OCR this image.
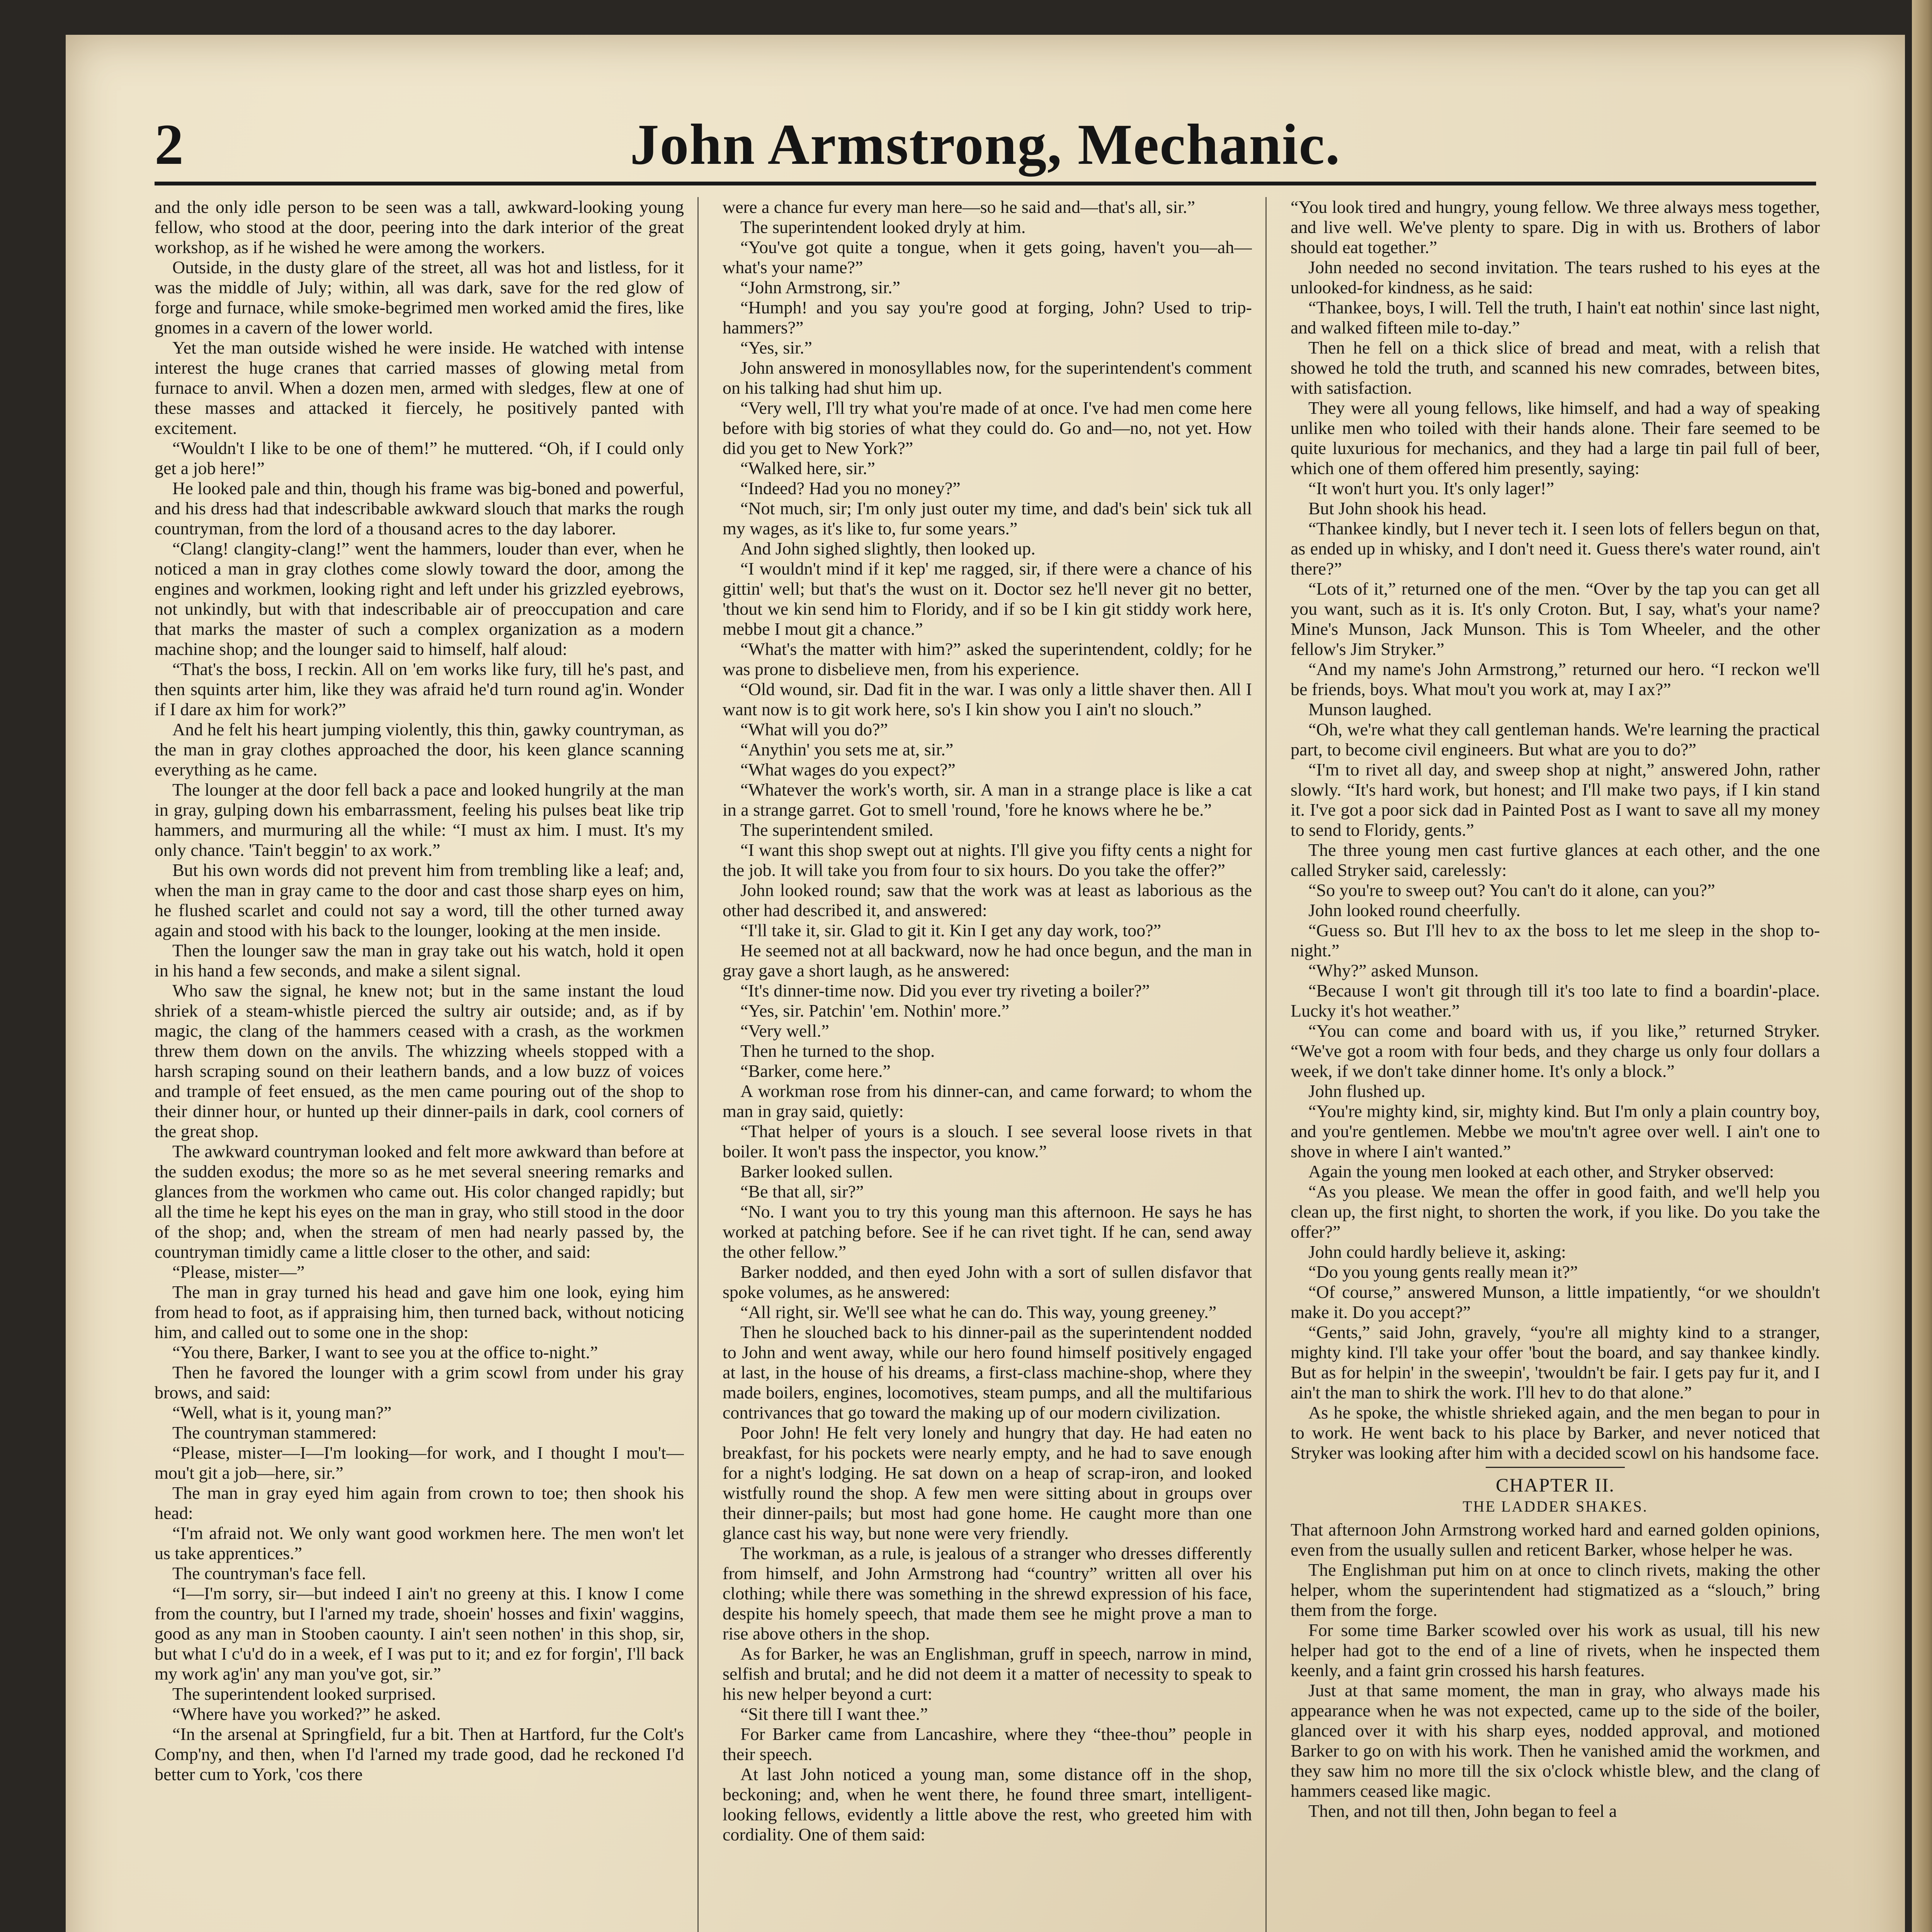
2	John Armstrong, Mechanic.

and the only idle person to be seen was a tall, awkward-looking young fellow, who stood at the door, peering into the dark interior of the great workshop, as if he wished he were among the workers.

Outside, in the dusty glare of the street, all was hot and listless, for it was the middle of July; within, all was dark, save for the red glow of forge and furnace, while smoke-begrimed men worked amid the fires, like gnomes in a cavern of the lower world.

Yet the man outside wished he were inside. He watched with intense interest the huge cranes that carried masses of glowing metal from furnace to anvil. When a dozen men, armed with sledges, flew at one of these masses and attacked it fiercely, he positively panted with excitement.

“Wouldn't I like to be one of them!” he muttered. “Oh, if I could only get a job here!”

He looked pale and thin, though his frame was big-boned and powerful, and his dress had that indescribable awkward slouch that marks the rough countryman, from the lord of a thousand acres to the day laborer.

“Clang! clangity-clang!” went the hammers, louder than ever, when he noticed a man in gray clothes come slowly toward the door, among the engines and workmen, looking right and left under his grizzled eyebrows, not unkindly, but with that indescribable air of preoccupation and care that marks the master of such a complex organization as a modern machine shop; and the lounger said to himself, half aloud:

“That's the boss, I reckin. All on 'em works like fury, till he's past, and then squints arter him, like they was afraid he'd turn round ag'in. Wonder if I dare ax him for work?”

And he felt his heart jumping violently, this thin, gawky countryman, as the man in gray clothes approached the door, his keen glance scanning everything as he came.

The lounger at the door fell back a pace and looked hungrily at the man in gray, gulping down his embarrassment, feeling his pulses beat like trip hammers, and murmuring all the while: “I must ax him. I must. It's my only chance. 'Tain't beggin' to ax work.”

But his own words did not prevent him from trembling like a leaf; and, when the man in gray came to the door and cast those sharp eyes on him, he flushed scarlet and could not say a word, till the other turned away again and stood with his back to the lounger, looking at the men inside.

Then the lounger saw the man in gray take out his watch, hold it open in his hand a few seconds, and make a silent signal.

Who saw the signal, he knew not; but in the same instant the loud shriek of a steam-whistle pierced the sultry air outside; and, as if by magic, the clang of the hammers ceased with a crash, as the workmen threw them down on the anvils. The whizzing wheels stopped with a harsh scraping sound on their leathern bands, and a low buzz of voices and trample of feet ensued, as the men came pouring out of the shop to their dinner hour, or hunted up their dinner-pails in dark, cool corners of the great shop.

The awkward countryman looked and felt more awkward than before at the sudden exodus; the more so as he met several sneering remarks and glances from the workmen who came out. His color changed rapidly; but all the time he kept his eyes on the man in gray, who still stood in the door of the shop; and, when the stream of men had nearly passed by, the countryman timidly came a little closer to the other, and said:

“Please, mister—”

The man in gray turned his head and gave him one look, eying him from head to foot, as if appraising him, then turned back, without noticing him, and called out to some one in the shop:

“You there, Barker, I want to see you at the office to-night.”

Then he favored the lounger with a grim scowl from under his gray brows, and said:

“Well, what is it, young man?”

The countryman stammered:

“Please, mister—I—I'm looking—for work, and I thought I mou't—mou't git a job—here, sir.”

The man in gray eyed him again from crown to toe; then shook his head:

“I'm afraid not. We only want good workmen here. The men won't let us take apprentices.”

The countryman's face fell.

“I—I'm sorry, sir—but indeed I ain't no greeny at this. I know I come from the country, but I l'arned my trade, shoein' hosses and fixin' waggins, good as any man in Stooben caounty. I ain't seen nothen' in this shop, sir, but what I c'u'd do in a week, ef I was put to it; and ez for forgin', I'll back my work ag'in' any man you've got, sir.”

The superintendent looked surprised.

“Where have you worked?” he asked.

“In the arsenal at Springfield, fur a bit. Then at Hartford, fur the Colt's Comp'ny, and then, when I'd l'arned my trade good, dad he reckoned I'd better cum to York, 'cos there

were a chance fur every man here—so he said and—that's all, sir.”

The superintendent looked dryly at him.

“You've got quite a tongue, when it gets going, haven't you—ah—what's your name?”

“John Armstrong, sir.”

“Humph! and you say you're good at forging, John? Used to trip-hammers?”

“Yes, sir.”

John answered in monosyllables now, for the superintendent's comment on his talking had shut him up.

“Very well, I'll try what you're made of at once. I've had men come here before with big stories of what they could do. Go and—no, not yet. How did you get to New York?”

“Walked here, sir.”

“Indeed? Had you no money?”

“Not much, sir; I'm only just outer my time, and dad's bein' sick tuk all my wages, as it's like to, fur some years.”

And John sighed slightly, then looked up.

“I wouldn't mind if it kep' me ragged, sir, if there were a chance of his gittin' well; but that's the wust on it. Doctor sez he'll never git no better, 'thout we kin send him to Floridy, and if so be I kin git stiddy work here, mebbe I mout git a chance.”

“What's the matter with him?” asked the superintendent, coldly; for he was prone to disbelieve men, from his experience.

“Old wound, sir. Dad fit in the war. I was only a little shaver then. All I want now is to git work here, so's I kin show you I ain't no slouch.”

“What will you do?”

“Anythin' you sets me at, sir.”

“What wages do you expect?”

“Whatever the work's worth, sir. A man in a strange place is like a cat in a strange garret. Got to smell 'round, 'fore he knows where he be.”

The superintendent smiled.

“I want this shop swept out at nights. I'll give you fifty cents a night for the job. It will take you from four to six hours. Do you take the offer?”

John looked round; saw that the work was at least as laborious as the other had described it, and answered:

“I'll take it, sir. Glad to git it. Kin I get any day work, too?”

He seemed not at all backward, now he had once begun, and the man in gray gave a short laugh, as he answered:

“It's dinner-time now. Did you ever try riveting a boiler?”

“Yes, sir. Patchin' 'em. Nothin' more.”

“Very well.”

Then he turned to the shop.

“Barker, come here.”

A workman rose from his dinner-can, and came forward; to whom the man in gray said, quietly:

“That helper of yours is a slouch. I see several loose rivets in that boiler. It won't pass the inspector, you know.”

Barker looked sullen.

“Be that all, sir?”

“No. I want you to try this young man this afternoon. He says he has worked at patching before. See if he can rivet tight. If he can, send away the other fellow.”

Barker nodded, and then eyed John with a sort of sullen disfavor that spoke volumes, as he answered:

“All right, sir. We'll see what he can do. This way, young greeney.”

Then he slouched back to his dinner-pail as the superintendent nodded to John and went away, while our hero found himself positively engaged at last, in the house of his dreams, a first-class machine-shop, where they made boilers, engines, locomotives, steam pumps, and all the multifarious contrivances that go toward the making up of our modern civilization.

Poor John! He felt very lonely and hungry that day. He had eaten no breakfast, for his pockets were nearly empty, and he had to save enough for a night's lodging. He sat down on a heap of scrap-iron, and looked wistfully round the shop. A few men were sitting about in groups over their dinner-pails; but most had gone home. He caught more than one glance cast his way, but none were very friendly.

The workman, as a rule, is jealous of a stranger who dresses differently from himself, and John Armstrong had “country” written all over his clothing; while there was something in the shrewd expression of his face, despite his homely speech, that made them see he might prove a man to rise above others in the shop.

As for Barker, he was an Englishman, gruff in speech, narrow in mind, selfish and brutal; and he did not deem it a matter of necessity to speak to his new helper beyond a curt:

“Sit there till I want thee.”

For Barker came from Lancashire, where they “thee-thou” people in their speech.

At last John noticed a young man, some distance off in the shop, beckoning; and, when he went there, he found three smart, intelligent-looking fellows, evidently a little above the rest, who greeted him with cordiality. One of them said:

“You look tired and hungry, young fellow. We three always mess together, and live well. We've plenty to spare. Dig in with us. Brothers of labor should eat together.”

John needed no second invitation. The tears rushed to his eyes at the unlooked-for kindness, as he said:

“Thankee, boys, I will. Tell the truth, I hain't eat nothin' since last night, and walked fifteen mile to-day.”

Then he fell on a thick slice of bread and meat, with a relish that showed he told the truth, and scanned his new comrades, between bites, with satisfaction.

They were all young fellows, like himself, and had a way of speaking unlike men who toiled with their hands alone. Their fare seemed to be quite luxurious for mechanics, and they had a large tin pail full of beer, which one of them offered him presently, saying:

“It won't hurt you. It's only lager!”

But John shook his head.

“Thankee kindly, but I never tech it. I seen lots of fellers begun on that, as ended up in whisky, and I don't need it. Guess there's water round, ain't there?”

“Lots of it,” returned one of the men. “Over by the tap you can get all you want, such as it is. It's only Croton. But, I say, what's your name? Mine's Munson, Jack Munson. This is Tom Wheeler, and the other fellow's Jim Stryker.”

“And my name's John Armstrong,” returned our hero. “I reckon we'll be friends, boys. What mou't you work at, may I ax?”

Munson laughed.

“Oh, we're what they call gentleman hands. We're learning the practical part, to become civil engineers. But what are you to do?”

“I'm to rivet all day, and sweep shop at night,” answered John, rather slowly. “It's hard work, but honest; and I'll make two pays, if I kin stand it. I've got a poor sick dad in Painted Post as I want to save all my money to send to Floridy, gents.”

The three young men cast furtive glances at each other, and the one called Stryker said, carelessly:

“So you're to sweep out? You can't do it alone, can you?”

John looked round cheerfully.

“Guess so. But I'll hev to ax the boss to let me sleep in the shop to-night.”

“Why?” asked Munson.

“Because I won't git through till it's too late to find a boardin'-place. Lucky it's hot weather.”

“You can come and board with us, if you like,” returned Stryker. “We've got a room with four beds, and they charge us only four dollars a week, if we don't take dinner home. It's only a block.”

John flushed up.

“You're mighty kind, sir, mighty kind. But I'm only a plain country boy, and you're gentlemen. Mebbe we mou'tn't agree over well. I ain't one to shove in where I ain't wanted.”

Again the young men looked at each other, and Stryker observed:

“As you please. We mean the offer in good faith, and we'll help you clean up, the first night, to shorten the work, if you like. Do you take the offer?”

John could hardly believe it, asking:

“Do you young gents really mean it?”

“Of course,” answered Munson, a little impatiently, “or we shouldn't make it. Do you accept?”

“Gents,” said John, gravely, “you're all mighty kind to a stranger, mighty kind. I'll take your offer 'bout the board, and say thankee kindly. But as for helpin' in the sweepin', 'twouldn't be fair. I gets pay fur it, and I ain't the man to shirk the work. I'll hev to do that alone.”

As he spoke, the whistle shrieked again, and the men began to pour in to work. He went back to his place by Barker, and never noticed that Stryker was looking after him with a decided scowl on his handsome face.

CHAPTER II.
THE LADDER SHAKES.

That afternoon John Armstrong worked hard and earned golden opinions, even from the usually sullen and reticent Barker, whose helper he was.

The Englishman put him on at once to clinch rivets, making the other helper, whom the superintendent had stigmatized as a “slouch,” bring them from the forge.

For some time Barker scowled over his work as usual, till his new helper had got to the end of a line of rivets, when he inspected them keenly, and a faint grin crossed his harsh features.

Just at that same moment, the man in gray, who always made his appearance when he was not expected, came up to the side of the boiler, glanced over it with his sharp eyes, nodded approval, and motioned Barker to go on with his work. Then he vanished amid the workmen, and they saw him no more till the six o'clock whistle blew, and the clang of hammers ceased like magic.

Then, and not till then, John began to feel a
